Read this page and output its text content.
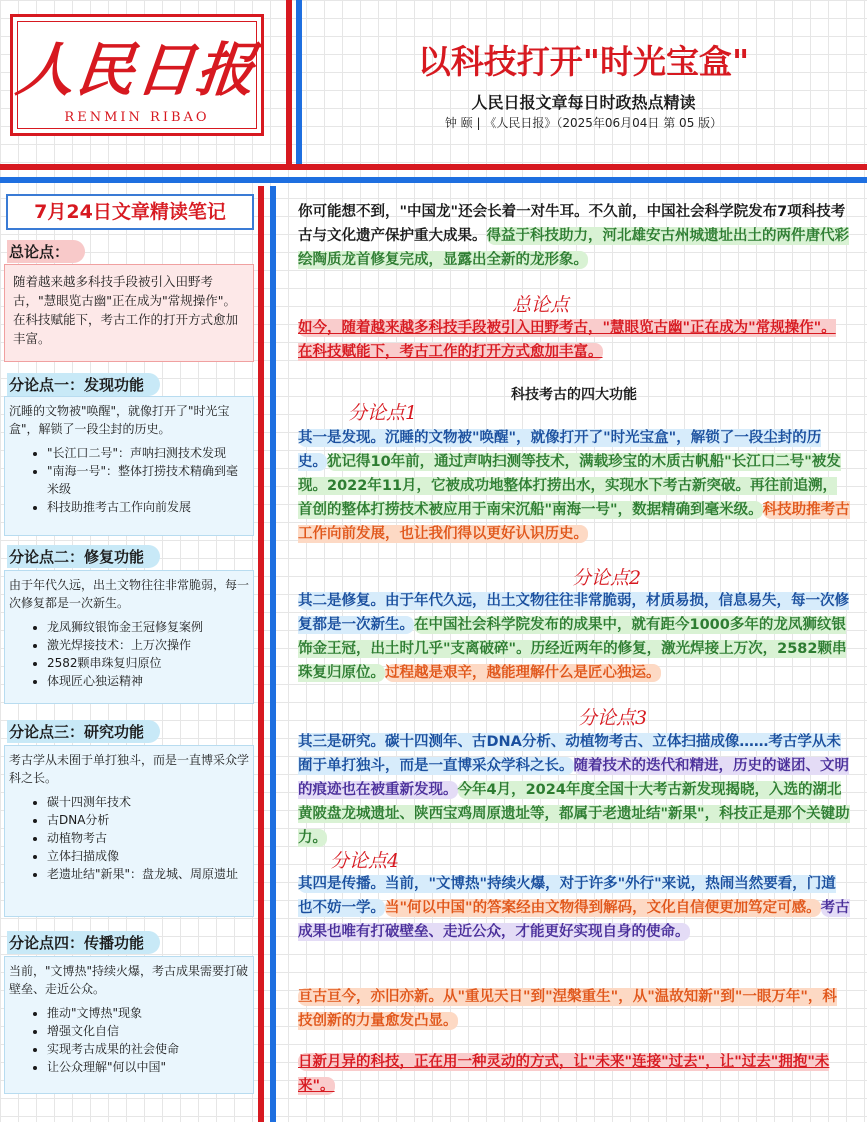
人民日报
RENMIN RIBAO
以科技打开"时光宝盒"
人民日报文章每日时政热点精读
钟 颐 | 《人民日报》（2025年06月04日 第 05 版）
7月24日文章精读笔记
总论点：
随着越来越多科技手段被引入田野考古，"慧眼览古幽"正在成为"常规操作"。在科技赋能下，考古工作的打开方式愈加丰富。
分论点一：发现功能
沉睡的文物被"唤醒"，就像打开了"时光宝盒"，解锁了一段尘封的历史。
• "长江口二号"：声呐扫测技术发现
• "南海一号"：整体打捞技术精确到毫米级
• 科技助推考古工作向前发展
分论点二：修复功能
由于年代久远，出土文物往往非常脆弱，每一次修复都是一次新生。
• 龙凤狮纹银饰金王冠修复案例
• 激光焊接技术：上万次操作
• 2582颗串珠复归原位
• 体现匠心独运精神
分论点三：研究功能
考古学从未囿于单打独斗，而是一直博采众学科之长。
• 碳十四测年技术
• 古DNA分析
• 动植物考古
• 立体扫描成像
• 老遗址结"新果"：盘龙城、周原遗址
分论点四：传播功能
当前，"文博热"持续火爆，考古成果需要打破壁垒、走近公众。
• 推动"文博热"现象
• 增强文化自信
• 实现考古成果的社会使命
• 让公众理解"何以中国"
你可能想不到，"中国龙"还会长着一对牛耳。不久前，中国社会科学院发布7项科技考古与文化遗产保护重大成果。得益于科技助力，河北雄安古州城遗址出土的两件唐代彩绘陶质龙首修复完成，显露出全新的龙形象。
总论点
如今，随着越来越多科技手段被引入田野考古，"慧眼览古幽"正在成为"常规操作"。在科技赋能下，考古工作的打开方式愈加丰富。
科技考古的四大功能
分论点1
其一是发现。沉睡的文物被"唤醒"，就像打开了"时光宝盒"，解锁了一段尘封的历史。犹记得10年前，通过声呐扫测等技术，满载珍宝的木质古帆船"长江口二号"被发现。2022年11月，它被成功地整体打捞出水，实现水下考古新突破。再往前追溯，首创的整体打捞技术被应用于南宋沉船"南海一号"，数据精确到毫米级。科技助推考古工作向前发展，也让我们得以更好认识历史。
分论点2
其二是修复。由于年代久远，出土文物往往非常脆弱，材质易损，信息易失，每一次修复都是一次新生。在中国社会科学院发布的成果中，就有距今1000多年的龙凤狮纹银饰金王冠，出土时几乎"支离破碎"。历经近两年的修复，激光焊接上万次，2582颗串珠复归原位。过程越是艰辛，越能理解什么是匠心独运。
分论点3
其三是研究。碳十四测年、古DNA分析、动植物考古、立体扫描成像……考古学从未囿于单打独斗，而是一直博采众学科之长。随着技术的迭代和精进，历史的谜团、文明的痕迹也在被重新发现。今年4月，2024年度全国十大考古新发现揭晓，入选的湖北黄陂盘龙城遗址、陕西宝鸡周原遗址等，都属于老遗址结"新果"，科技正是那个关键助力。
分论点4
其四是传播。当前，"文博热"持续火爆，对于许多"外行"来说，热闹当然要看，门道也不妨一学。当"何以中国"的答案经由文物得到解码，文化自信便更加笃定可感。考古成果也唯有打破壁垒、走近公众，才能更好实现自身的使命。
亘古亘今，亦旧亦新。从"重见天日"到"涅槃重生"，从"温故知新"到"一眼万年"，科技创新的力量愈发凸显。
日新月异的科技，正在用一种灵动的方式，让"未来"连接"过去"，让"过去"拥抱"未来"。
